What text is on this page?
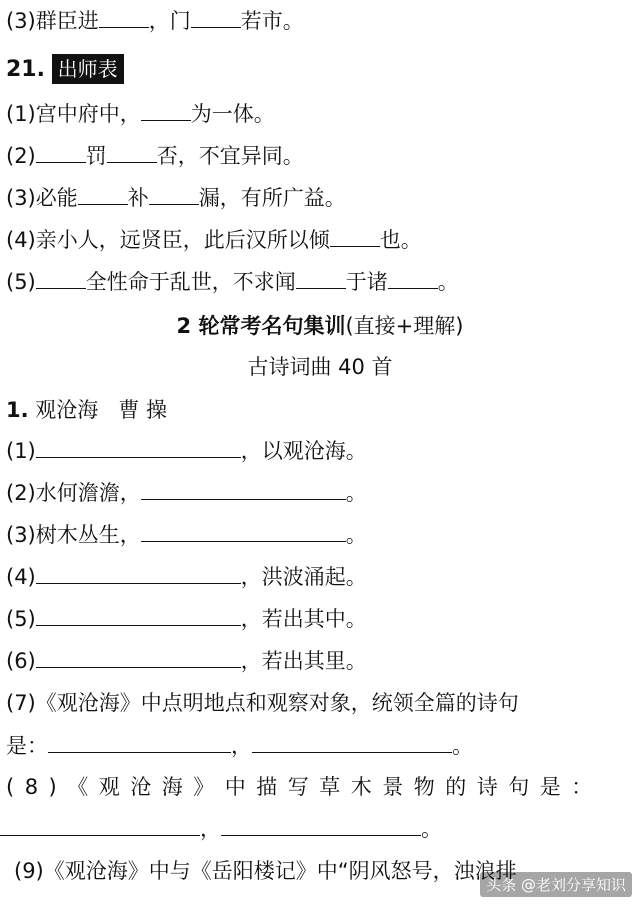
(3)群臣进 ，门 若市。
21. 出师表
(1)宫中府中， 为一体。
(2) 罚 否，不宜异同。
(3)必能 补 漏，有所广益。
(4)亲小人，远贤臣，此后汉所以倾 也。
(5) 全性命于乱世，不求闻 于诸 。
2 轮常考名句集训(直接+理解)
古诗词曲 40 首
1. 观沧海 曹 操
(1)	，以观沧海。
(2)水何澹澹，	。
(3)树木丛生，	。
(4)	，洪波涌起。
(5)	，若出其中。
(6)	，若出其里。
(7)《观沧海》中点明地点和观察对象，统领全篇的诗句
是：	，	。
(8)《观沧海》中描写草木景物的诗句是：
，	。
(9)《观沧海》中与《岳阳楼记》中“阴风怒号，浊浪排
头条 @老刘分享知识
